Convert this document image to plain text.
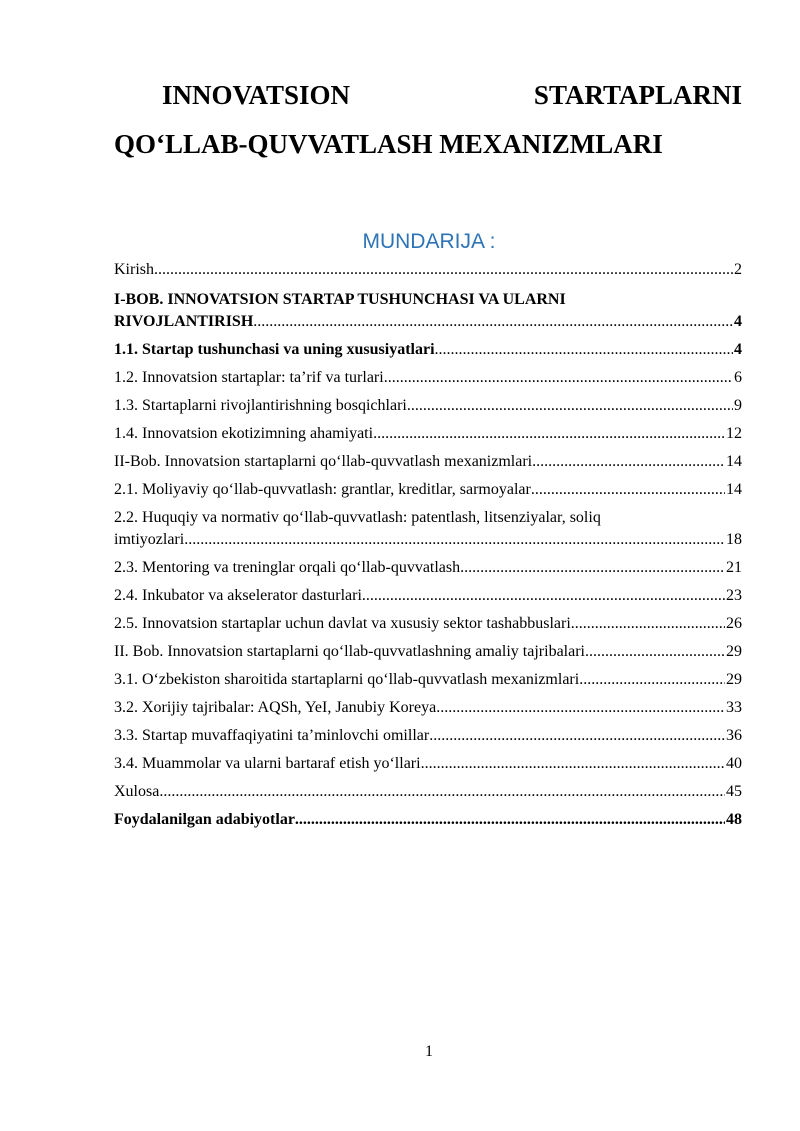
INNOVATSION	STARTAPLARNI
QO‘LLAB-QUVVATLASH MEXANIZMLARI
MUNDARIJA :
Kirish .....	2
I-BOB. INNOVATSION STARTAP TUSHUNCHASI VA ULARNI
RIVOJLANTIRISH .....	4
1.1. Startap tushunchasi va uning xususiyatlari .....	4
1.2. Innovatsion startaplar: ta’rif va turlari .....	6
1.3. Startaplarni rivojlantirishning bosqichlari .....	9
1.4. Innovatsion ekotizimning ahamiyati .....	12
II-Bob. Innovatsion startaplarni qo‘llab-quvvatlash mexanizmlari .....	14
2.1. Moliyaviy qo‘llab-quvvatlash: grantlar, kreditlar, sarmoyalar .....	14
2.2. Huquqiy va normativ qo‘llab-quvvatlash: patentlash, litsenziyalar, soliq
imtiyozlari .....	18
2.3. Mentoring va treninglar orqali qo‘llab-quvvatlash .....	21
2.4. Inkubator va akselerator dasturlari .....	23
2.5. Innovatsion startaplar uchun davlat va xususiy sektor tashabbuslari .....	26
II. Bob. Innovatsion startaplarni qo‘llab-quvvatlashning amaliy tajribalari .....	29
3.1. O‘zbekiston sharoitida startaplarni qo‘llab-quvvatlash mexanizmlari .....	29
3.2. Xorijiy tajribalar: AQSh, YeI, Janubiy Koreya .....	33
3.3. Startap muvaffaqiyatini ta’minlovchi omillar .....	36
3.4. Muammolar va ularni bartaraf etish yo‘llari .....	40
Xulosa .....	45
Foydalanilgan adabiyotlar .....	48
1
